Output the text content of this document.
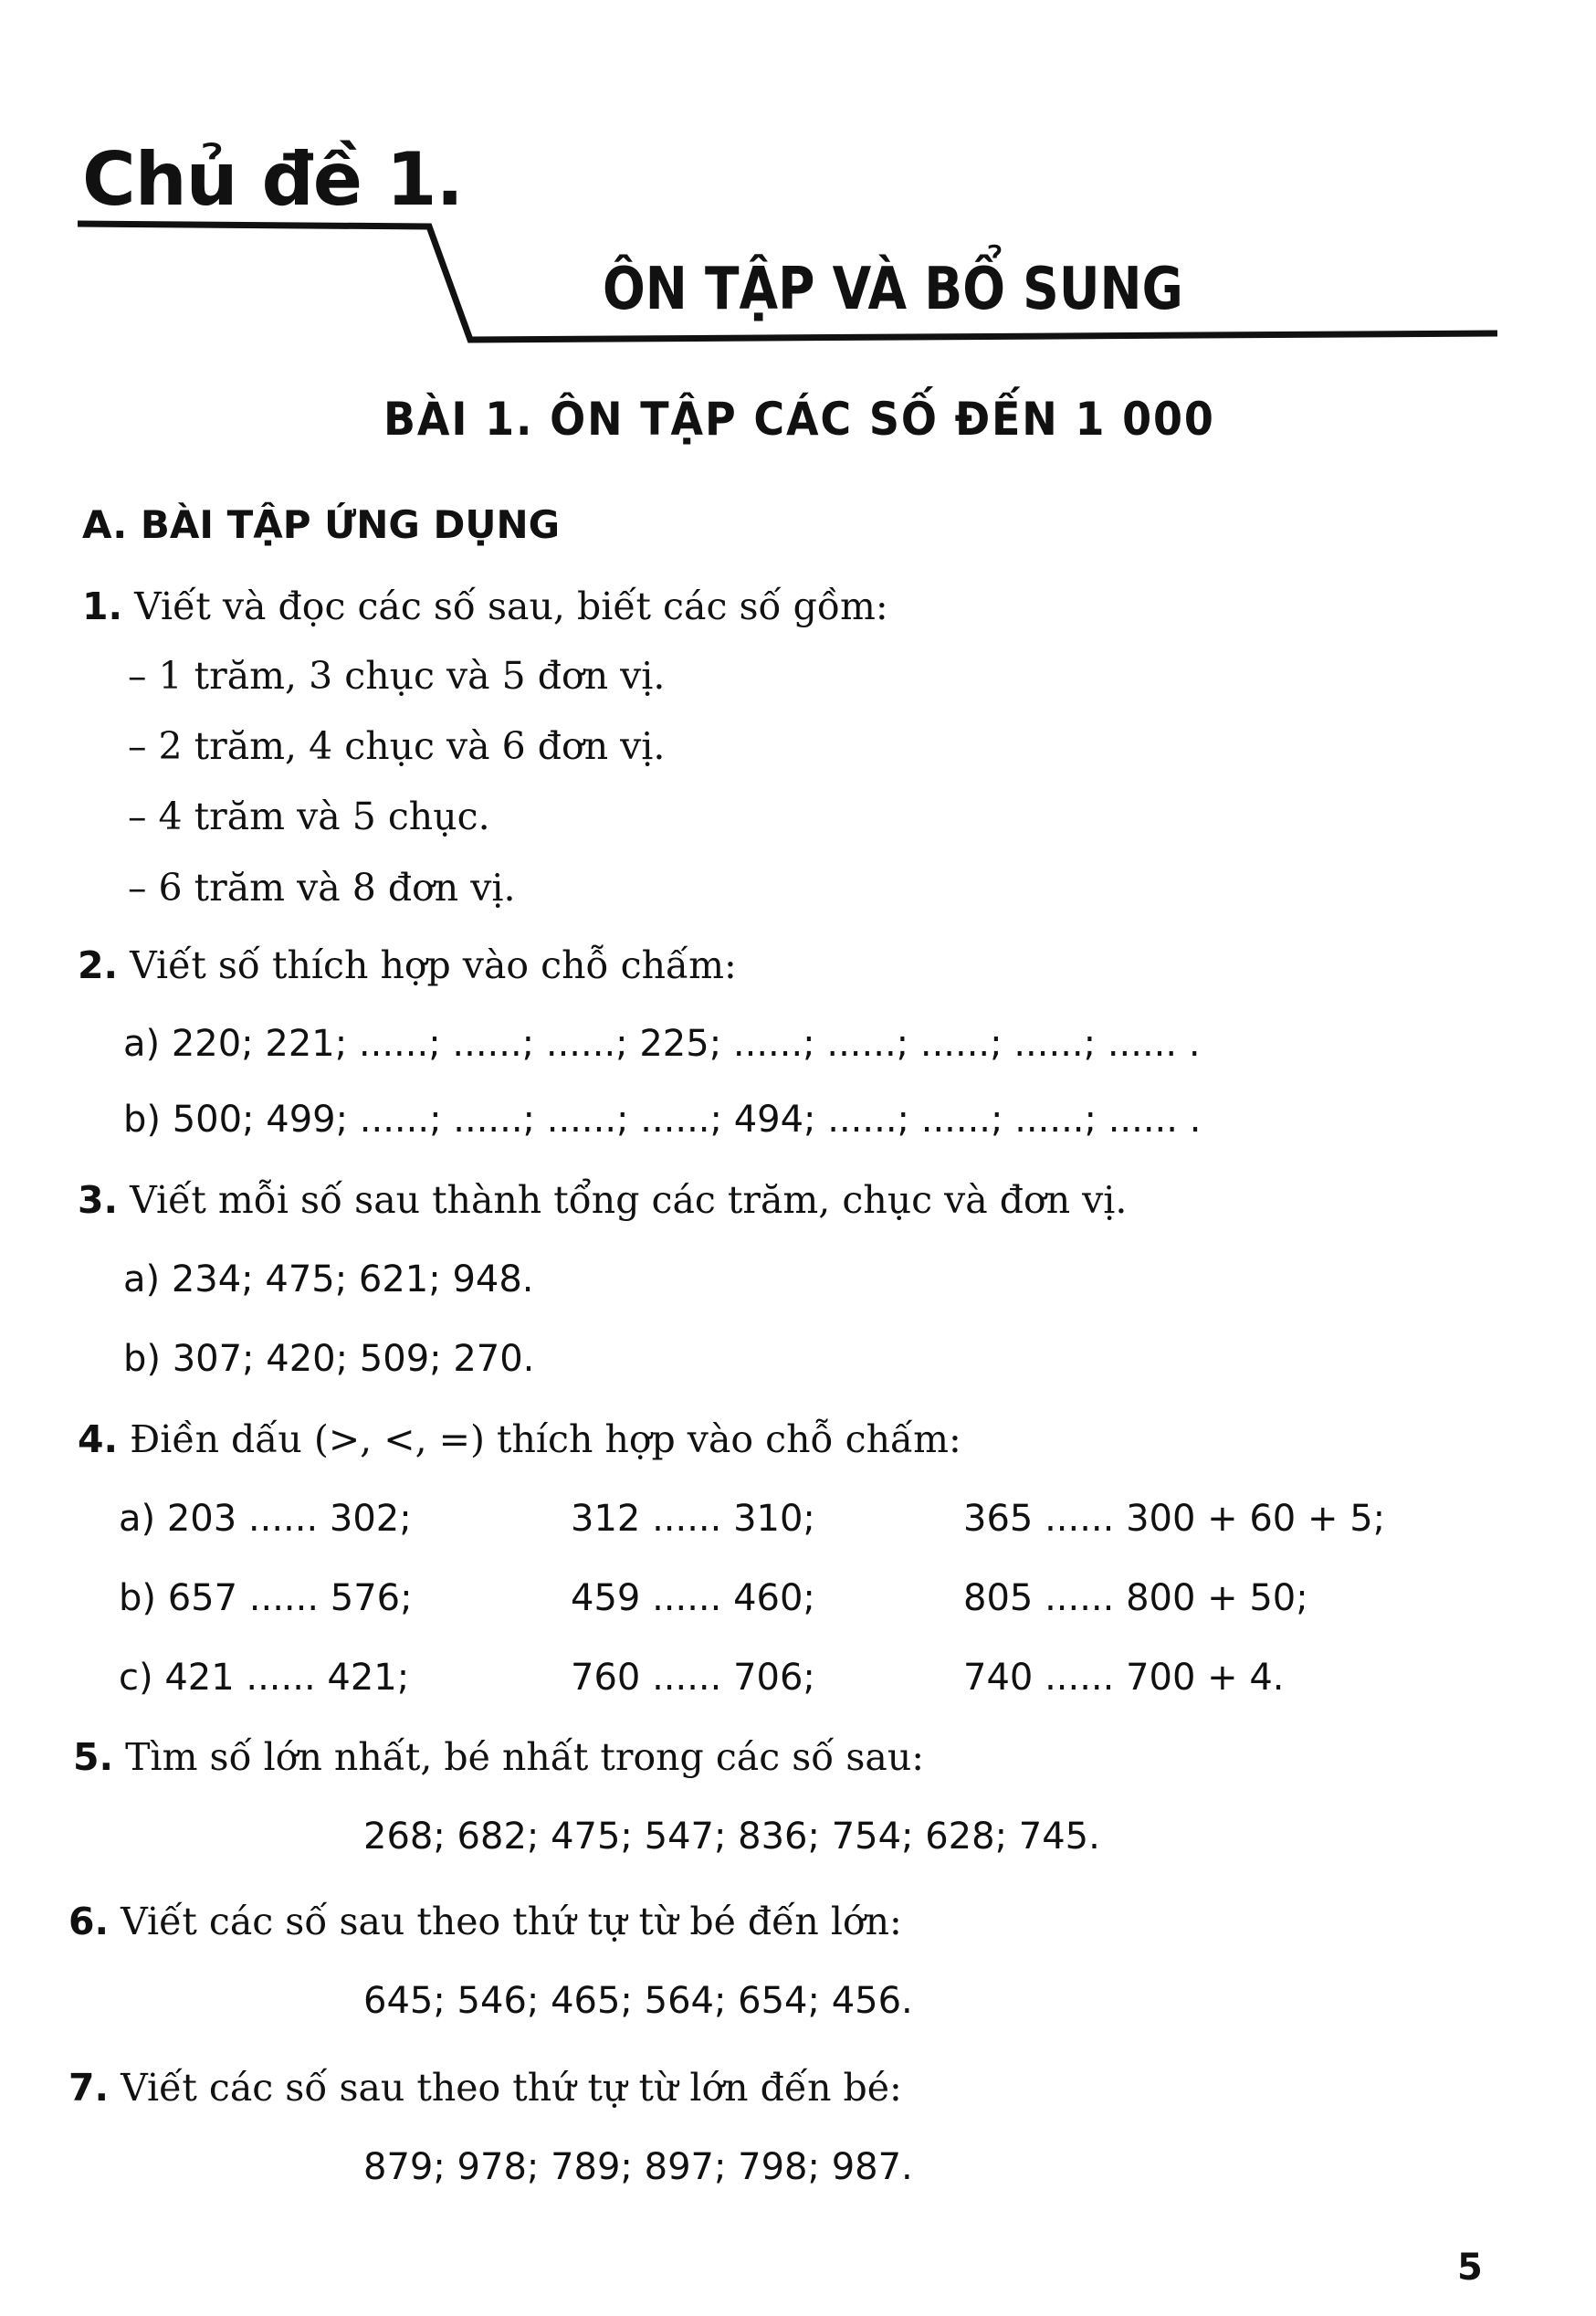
Chủ đề 1.
ÔN TẬP VÀ BỔ SUNG
BÀI 1. ÔN TẬP CÁC SỐ ĐẾN 1 000
A. BÀI TẬP ỨNG DỤNG
1. Viết và đọc các số sau, biết các số gồm:
– 1 trăm, 3 chục và 5 đơn vị.
– 2 trăm, 4 chục và 6 đơn vị.
– 4 trăm và 5 chục.
– 6 trăm và 8 đơn vị.
2. Viết số thích hợp vào chỗ chấm:
a) 220; 221; ......; ......; ......; 225; ......; ......; ......; ......; ...... .
b) 500; 499; ......; ......; ......; ......; 494; ......; ......; ......; ...... .
3. Viết mỗi số sau thành tổng các trăm, chục và đơn vị.
a) 234; 475; 621; 948.
b) 307; 420; 509; 270.
4. Điền dấu (>, <, =) thích hợp vào chỗ chấm:
a) 203 ...... 302;	312 ...... 310;	365 ...... 300 + 60 + 5;
b) 657 ...... 576;	459 ...... 460;	805 ...... 800 + 50;
c) 421 ...... 421;	760 ...... 706;	740 ...... 700 + 4.
5. Tìm số lớn nhất, bé nhất trong các số sau:
268; 682; 475; 547; 836; 754; 628; 745.
6. Viết các số sau theo thứ tự từ bé đến lớn:
645; 546; 465; 564; 654; 456.
7. Viết các số sau theo thứ tự từ lớn đến bé:
879; 978; 789; 897; 798; 987.
5
